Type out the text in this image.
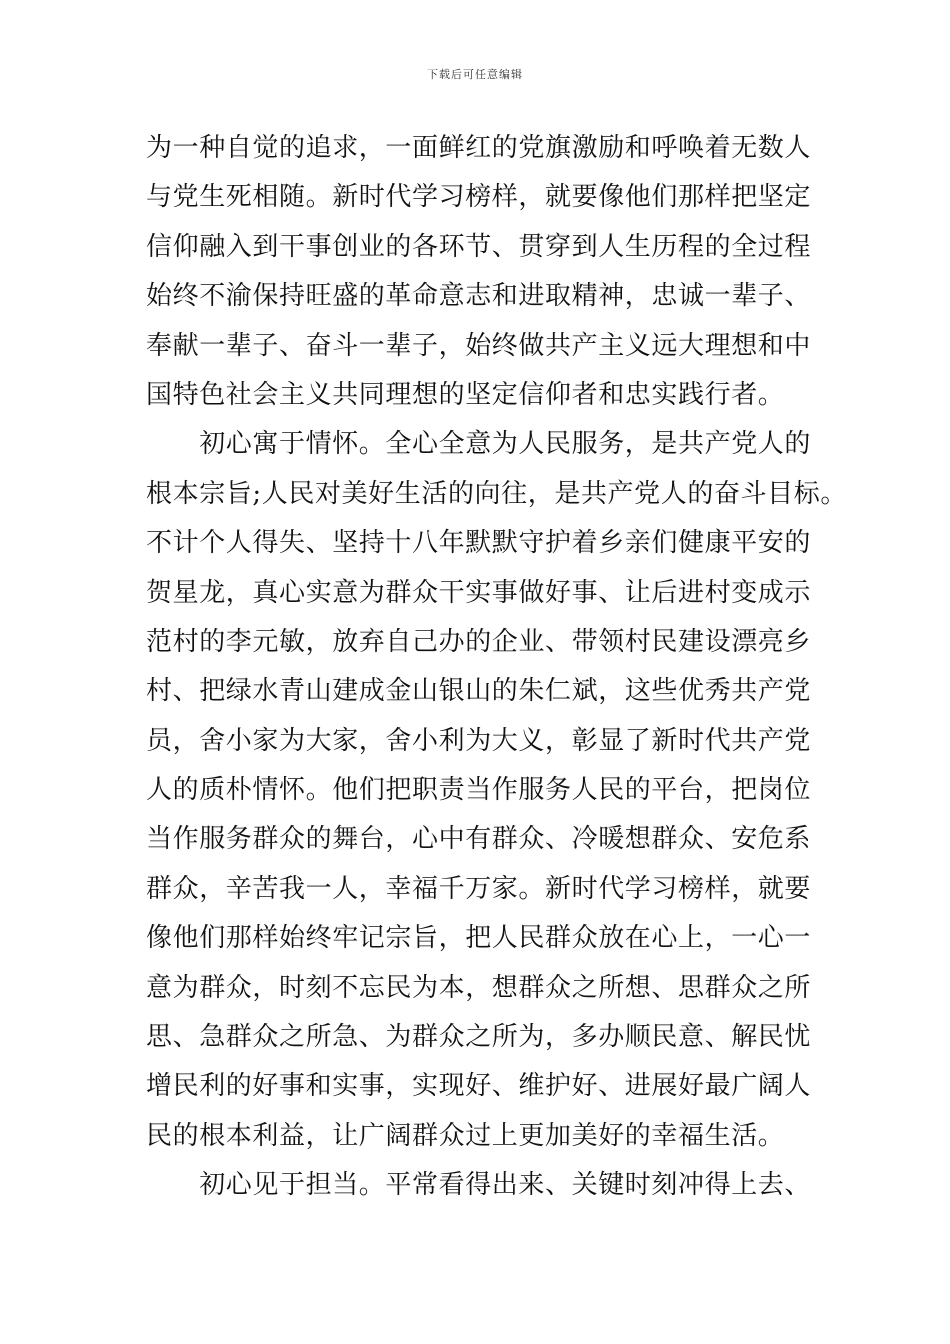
下载后可任意编辑
为一种自觉的追求，一面鲜红的党旗激励和呼唤着无数人
与党生死相随。新时代学习榜样，就要像他们那样把坚定
信仰融入到干事创业的各环节、贯穿到人生历程的全过程
始终不渝保持旺盛的革命意志和进取精神，忠诚一辈子、
奉献一辈子、奋斗一辈子，始终做共产主义远大理想和中
国特色社会主义共同理想的坚定信仰者和忠实践行者。
　　初心寓于情怀。全心全意为人民服务，是共产党人的
根本宗旨;人民对美好生活的向往，是共产党人的奋斗目标。
不计个人得失、坚持十八年默默守护着乡亲们健康平安的
贺星龙，真心实意为群众干实事做好事、让后进村变成示
范村的李元敏，放弃自己办的企业、带领村民建设漂亮乡
村、把绿水青山建成金山银山的朱仁斌，这些优秀共产党
员，舍小家为大家，舍小利为大义，彰显了新时代共产党
人的质朴情怀。他们把职责当作服务人民的平台，把岗位
当作服务群众的舞台，心中有群众、冷暖想群众、安危系
群众，辛苦我一人，幸福千万家。新时代学习榜样，就要
像他们那样始终牢记宗旨，把人民群众放在心上，一心一
意为群众，时刻不忘民为本，想群众之所想、思群众之所
思、急群众之所急、为群众之所为，多办顺民意、解民忧
增民利的好事和实事，实现好、维护好、进展好最广阔人
民的根本利益，让广阔群众过上更加美好的幸福生活。
　　初心见于担当。平常看得出来、关键时刻冲得上去、
